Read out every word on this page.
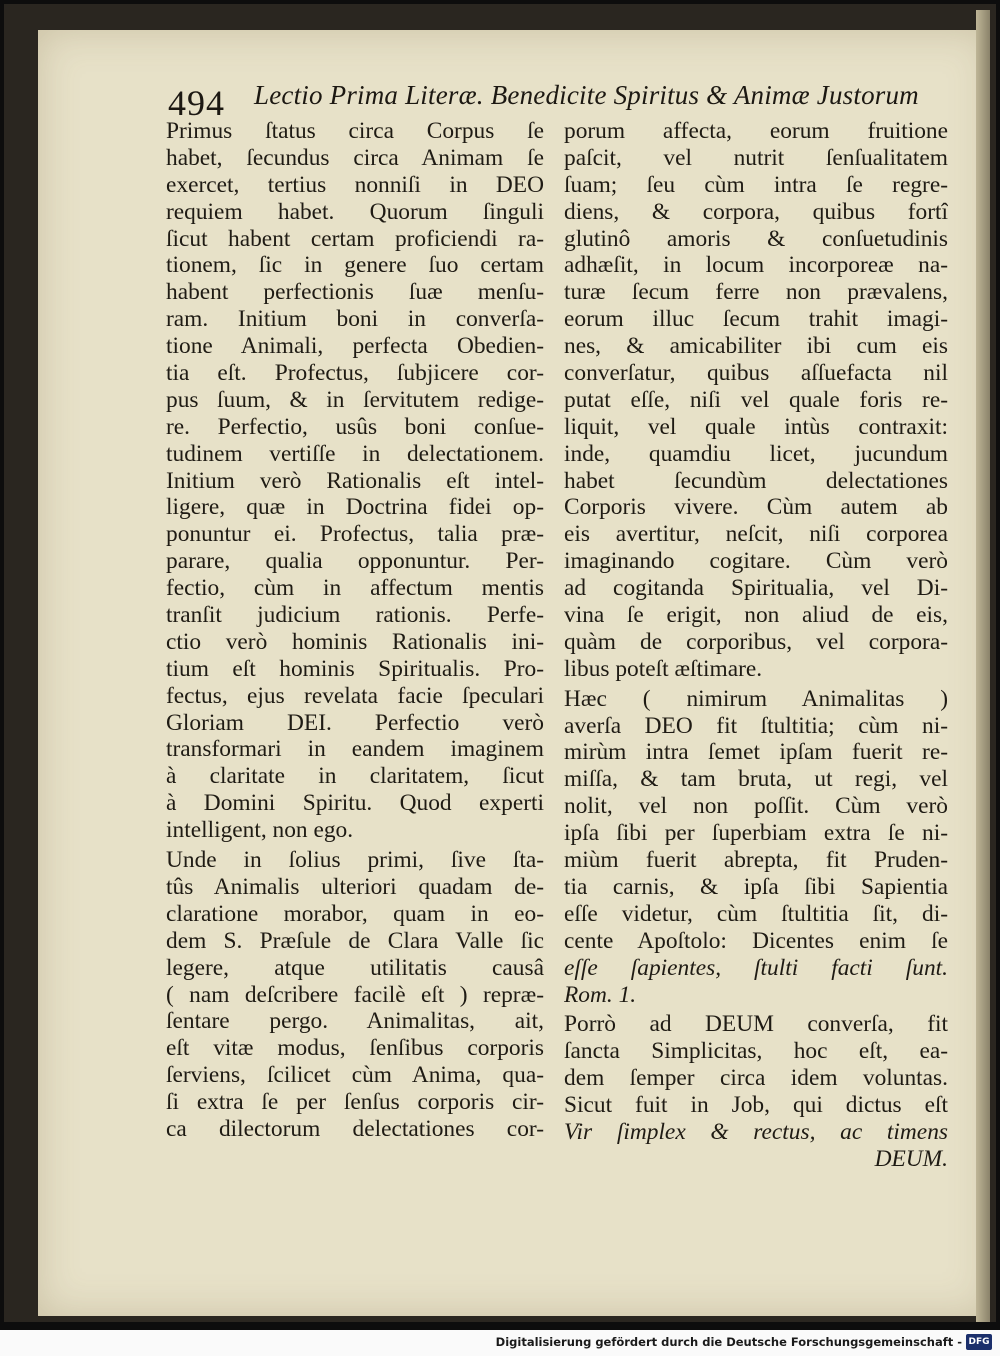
494 Lectio Prima Literæ. Benedicite Spiritus & Animæ Justorum
Primus ſtatus circa Corpus ſe
habet, ſecundus circa Animam ſe
exercet, tertius nonniſi in DEO
requiem habet. Quorum ſinguli
ſicut habent certam proficiendi ra-
tionem, ſic in genere ſuo certam
habent perfectionis ſuæ menſu-
ram. Initium boni in converſa-
tione Animali, perfecta Obedien-
tia eſt. Profectus, ſubjicere cor-
pus ſuum, & in ſervitutem redige-
re. Perfectio, usûs boni conſue-
tudinem vertiſſe in delectationem.
Initium verò Rationalis eſt intel-
ligere, quæ in Doctrina fidei op-
ponuntur ei. Profectus, talia præ-
parare, qualia opponuntur. Per-
fectio, cùm in affectum mentis
tranſit judicium rationis. Perfe-
ctio verò hominis Rationalis ini-
tium eſt hominis Spiritualis. Pro-
fectus, ejus revelata facie ſpeculari
Gloriam DEI. Perfectio verò
transformari in eandem imaginem
à claritate in claritatem, ſicut
à Domini Spiritu. Quod experti
intelligent, non ego.
Unde in ſolius primi, ſive ſta-
tûs Animalis ulteriori quadam de-
claratione morabor, quam in eo-
dem S. Præſule de Clara Valle ſic
legere, atque utilitatis causâ
( nam deſcribere facilè eſt ) repræ-
ſentare pergo. Animalitas, ait,
eſt vitæ modus, ſenſibus corporis
ſerviens, ſcilicet cùm Anima, qua-
ſi extra ſe per ſenſus corporis cir-
ca dilectorum delectationes cor-
porum affecta, eorum fruitione
paſcit, vel nutrit ſenſualitatem
ſuam; ſeu cùm intra ſe regre-
diens, & corpora, quibus fortî
glutinô amoris & conſuetudinis
adhæſit, in locum incorporeæ na-
turæ ſecum ferre non prævalens,
eorum illuc ſecum trahit imagi-
nes, & amicabiliter ibi cum eis
converſatur, quibus aſſuefacta nil
putat eſſe, niſi vel quale foris re-
liquit, vel quale intùs contraxit:
inde, quamdiu licet, jucundum
habet ſecundùm delectationes
Corporis vivere. Cùm autem ab
eis avertitur, neſcit, niſi corporea
imaginando cogitare. Cùm verò
ad cogitanda Spiritualia, vel Di-
vina ſe erigit, non aliud de eis,
quàm de corporibus, vel corpora-
libus poteſt æſtimare.
Hæc ( nimirum Animalitas )
averſa DEO fit ſtultitia; cùm ni-
mirùm intra ſemet ipſam fuerit re-
miſſa, & tam bruta, ut regi, vel
nolit, vel non poſſit. Cùm verò
ipſa ſibi per ſuperbiam extra ſe ni-
miùm fuerit abrepta, fit Pruden-
tia carnis, & ipſa ſibi Sapientia
eſſe videtur, cùm ſtultitia ſit, di-
cente Apoſtolo: Dicentes enim ſe
eſſe ſapientes, ſtulti facti ſunt.
Rom. 1.
Porrò ad DEUM converſa, fit
ſancta Simplicitas, hoc eſt, ea-
dem ſemper circa idem voluntas.
Sicut fuit in Job, qui dictus eſt
Vir ſimplex & rectus, ac timens
DEUM.
Digitalisierung gefördert durch die Deutsche Forschungsgemeinschaft - DFG
